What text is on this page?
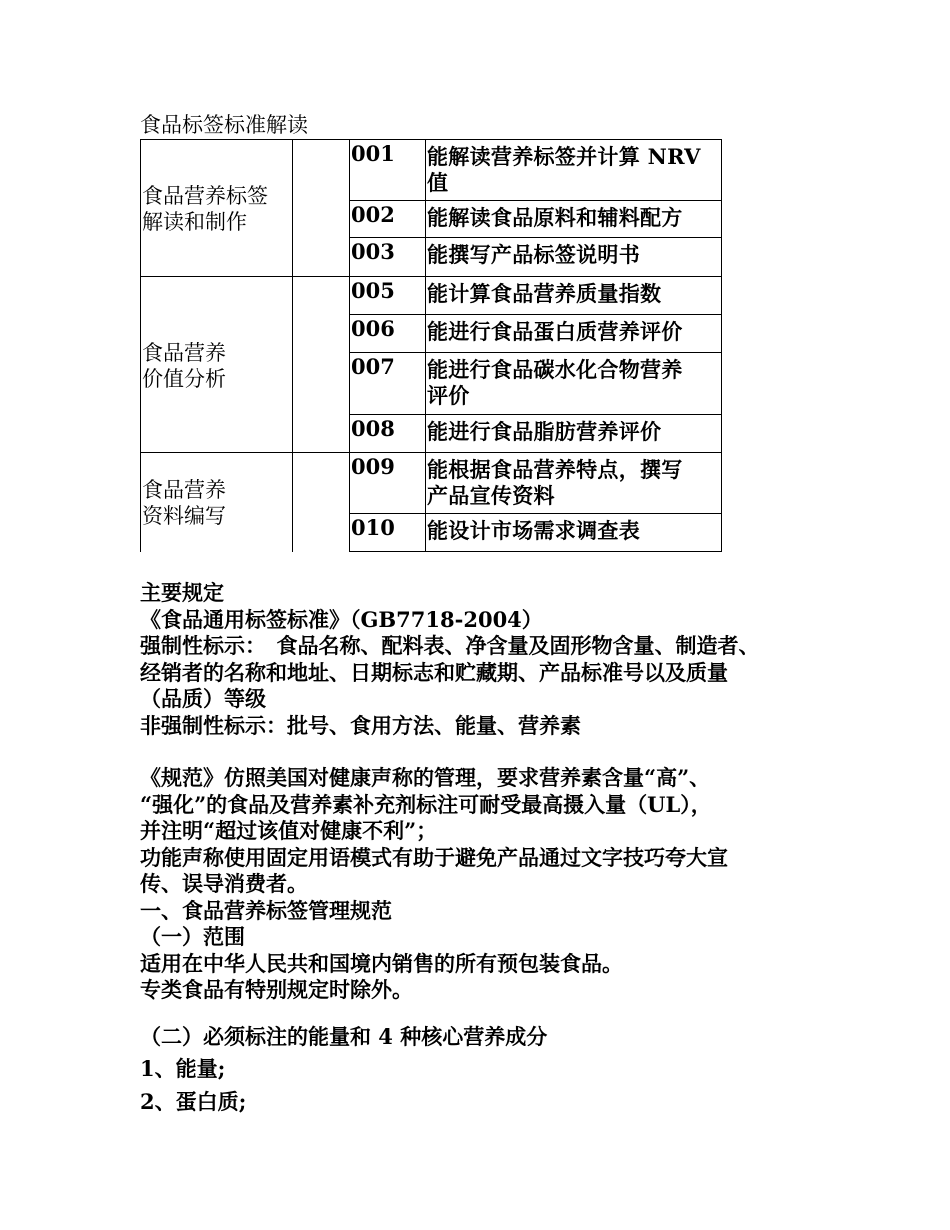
食品标签标准解读
食品营养标签
解读和制作
001	能解读营养标签并计算 NRV
值
002	能解读食品原料和辅料配方
003	能撰写产品标签说明书
食品营养
价值分析
005	能计算食品营养质量指数
006	能进行食品蛋白质营养评价
007	能进行食品碳水化合物营养
评价
008	能进行食品脂肪营养评价
食品营养
资料编写
009	能根据食品营养特点，撰写
产品宣传资料
010	能设计市场需求调查表

主要规定

《食品通用标签标准》（GB7718-2004）

强制性标示：　食品名称、配料表、净含量及固形物含量、制造者、

经销者的名称和地址、日期标志和贮藏期、产品标准号以及质量

（品质）等级

非强制性标示：批号、食用方法、能量、营养素

《规范》仿照美国对健康声称的管理，要求营养素含量“高”、

“强化”的食品及营养素补充剂标注可耐受最高摄入量（UL），

并注明“超过该值对健康不利”；

功能声称使用固定用语模式有助于避免产品通过文字技巧夸大宣

传、误导消费者。

一、食品营养标签管理规范

（一）范围

适用在中华人民共和国境内销售的所有预包装食品。

专类食品有特别规定时除外。

（二）必须标注的能量和 4 种核心营养成分

1、能量;

2、蛋白质;
